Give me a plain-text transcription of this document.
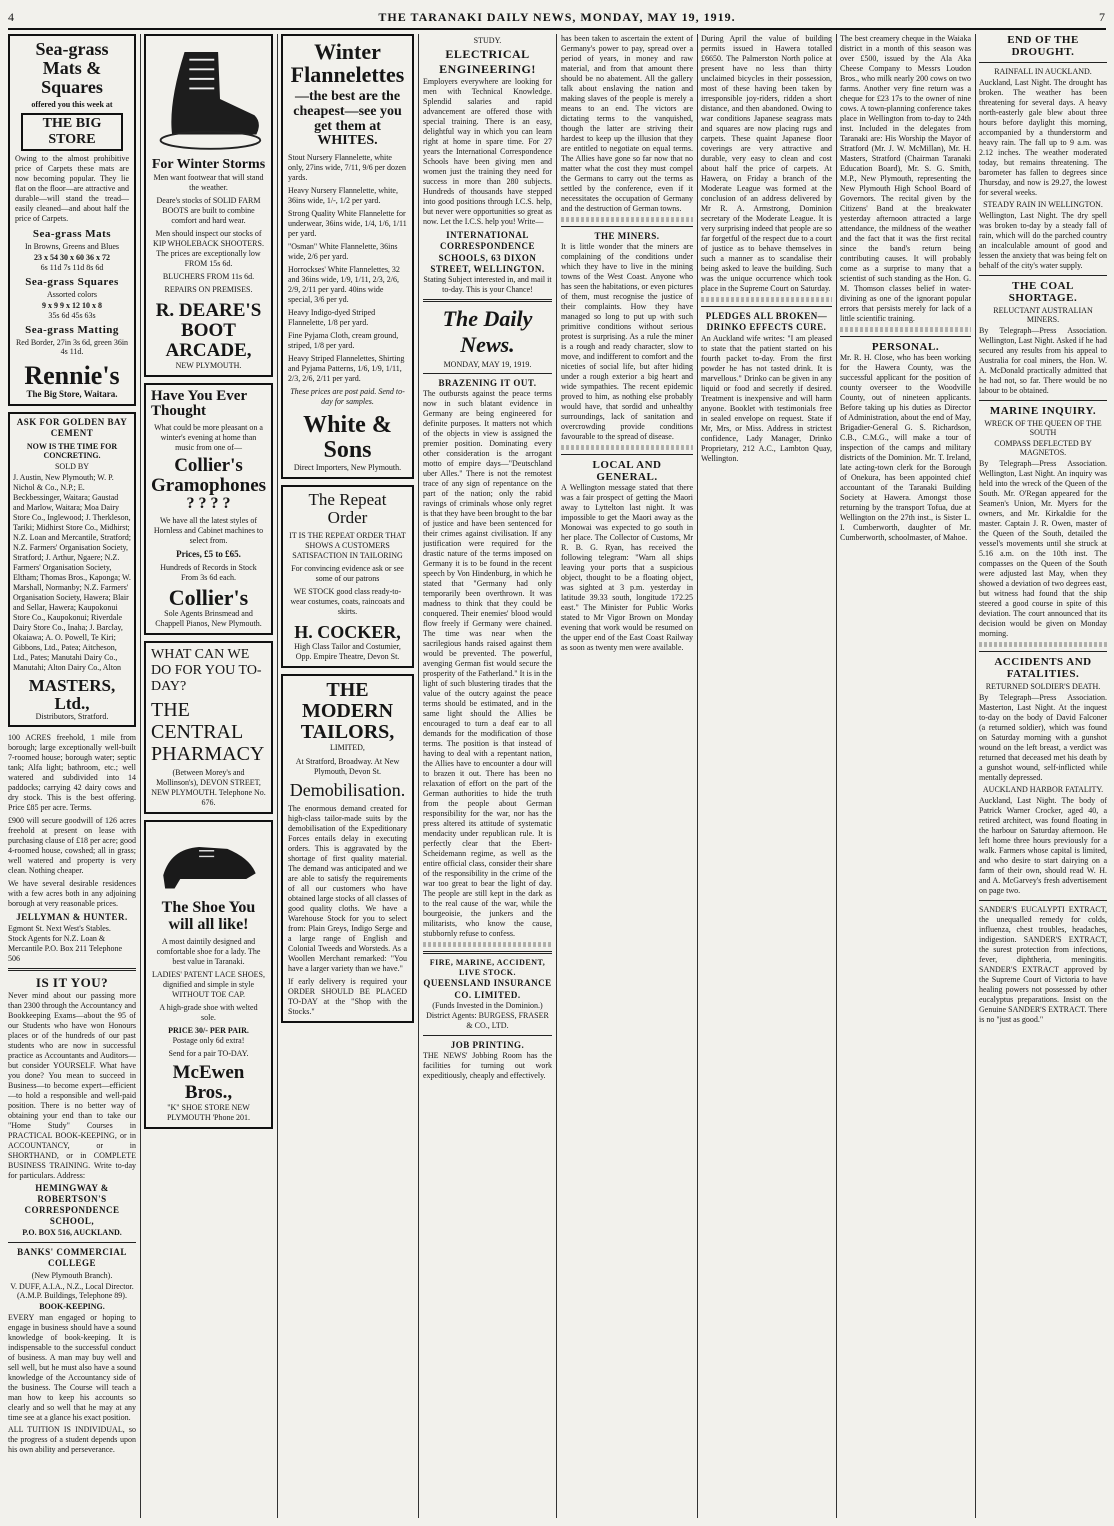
4	THE TARANAKI DAILY NEWS, MONDAY, MAY 19, 1919.	7
Sea-grass Mats & Squares
offered you this week at
THE BIG STORE
Owing to the almost prohibitive price of Carpets these mats are now becoming popular. They lie flat on the floor—are attractive and durable—will stand the tread—easily cleaned—and about half the price of Carpets.
Sea-grass Mats
In Browns, Greens and Blues
23 x 54 30 x 60 36 x 72
6s 11d 7s 11d 8s 6d
Sea-grass Squares
Assorted colors
9 x 9 9 x 12 10 x 8
35s 6d 45s 63s
Sea-grass Matting
Red Border, 27in 3s 6d, green 36in 4s 11d.
Rennie's
The Big Store, Waitara.
ASK FOR GOLDEN BAY CEMENT
NOW IS THE TIME FOR CONCRETING.
SOLD BY
J. Austin, New Plymouth; W. P. Nichol & Co., N.P.; E. Beckbessinger, Waitara; Gaustad and Marlow, Waitara; Moa Dairy Store Co., Inglewood; J. Therkleson, Tariki; Midhirst Store Co., Midhirst; N.Z. Loan and Mercantile, Stratford; N.Z. Farmers' Organisation Society, Stratford; J. Arthur, Ngaere; N.Z. Farmers' Organisation Society, Eltham; Thomas Bros., Kaponga; W. Marshall, Normanby; N.Z. Farmers' Organisation Society, Hawera; Blair and Sellar, Hawera; Kaupokonui Store Co., Kaupokonui; Riverdale Dairy Store Co., Inaha; J. Barclay, Okaiawa; A. O. Powell, Te Kiri; Gibbons, Ltd., Patea; Aitcheson, Ltd., Pates; Manutahi Dairy Co., Manutahi; Alton Dairy Co., Alton
MASTERS, Ltd.,
Distributors, Stratford.
100 ACRES freehold, 1 mile from borough; large exceptionally well-built 7-roomed house; borough water; septic tank; Alfa light; bathroom, etc.; well watered and subdivided into 14 paddocks; carrying 42 dairy cows and dry stock. This is the best offering. Price £85 per acre. Terms.
£900 will secure goodwill of 126 acres freehold at present on lease with purchasing clause of £18 per acre; good 4-roomed house, cowshed; all in grass; well watered and property is very clean. Nothing cheaper.
We have several desirable residences with a few acres both in any adjoining borough at very reasonable prices.
JELLYMAN & HUNTER.
Egmont St. Next West's Stables.
Stock Agents for N.Z. Loan & Mercantile P.O. Box 211 Telephone 506
IS IT YOU?
Never mind about our passing more than 2300 through the Accountancy and Bookkeeping Exams—about the 95 of our Students who have won Honours places or of the hundreds of our past students who are now in successful practice as Accountants and Auditors—but consider YOURSELF. What have you done? You mean to succeed in Business—to become expert—efficient—to hold a responsible and well-paid position. There is no better way of obtaining your end than to take our "Home Study" Courses in PRACTICAL BOOK-KEEPING, or in ACCOUNTANCY, or in SHORTHAND, or in COMPLETE BUSINESS TRAINING. Write to-day for particulars. Address:
HEMINGWAY & ROBERTSON'S CORRESPONDENCE SCHOOL,
P.O. BOX 516, AUCKLAND.
BANKS' COMMERCIAL COLLEGE
(New Plymouth Branch).
V. DUFF, A.I.A., N.Z., Local Director. (A.M.P. Buildings, Telephone 89).
BOOK-KEEPING.
EVERY man engaged or hoping to engage in business should have a sound knowledge of book-keeping. It is indispensable to the successful conduct of business. A man may buy well and sell well, but he must also have a sound knowledge of the Accountancy side of the business. The Course will teach a man how to keep his accounts so clearly and so well that he may at any time see at a glance his exact position.
ALL TUITION IS INDIVIDUAL, so the progress of a student depends upon his own ability and perseverance.
For Winter Storms
Men want footwear that will stand the weather.
Deare's stocks of SOLID FARM BOOTS are built to combine comfort and hard wear.
Men should inspect our stocks of KIP WHOLEBACK SHOOTERS. The prices are exceptionally low FROM 15s 6d.
BLUCHERS FROM 11s 6d.
REPAIRS ON PREMISES.
R. DEARE'S BOOT ARCADE,
NEW PLYMOUTH.
Have You Ever Thought
What could be more pleasant on a winter's evening at home than music from one of—
Collier's Gramophones
? ? ? ?
We have all the latest styles of Hornless and Cabinet machines to select from.
Prices, £5 to £65.
Hundreds of Records in Stock From 3s 6d each.
Collier's
Sole Agents Brinsmead and Chappell Pianos, New Plymouth.
WHAT CAN WE DO FOR YOU TO-DAY?
THE CENTRAL PHARMACY
(Between Morey's and Mollinson's), DEVON STREET, NEW PLYMOUTH. Telephone No. 676.
The Shoe You will all like!
A most daintily designed and comfortable shoe for a lady. The best value in Taranaki.
LADIES' PATENT LACE SHOES, dignified and simple in style WITHOUT TOE CAP.
A high-grade shoe with welted sole.
PRICE 30/- PER PAIR.
Postage only 6d extra!
Send for a pair TO-DAY.
McEwen Bros.,
"K" SHOE STORE NEW PLYMOUTH 'Phone 201.
Winter Flannelettes
—the best are the cheapest—see you get them at WHITES.
Stout Nursery Flannelette, white only, 27ins wide, 7/11, 9/6 per dozen yards.
Heavy Nursery Flannelette, white, 36ins wide, 1/-, 1/2 per yard.
Strong Quality White Flannelette for underwear, 36ins wide, 1/4, 1/6, 1/11 per yard.
"Osman" White Flannelette, 36ins wide, 2/6 per yard.
Horrockses' White Flannelettes, 32 and 36ins wide, 1/9, 1/11, 2/3, 2/6, 2/9, 2/11 per yard. 40ins wide special, 3/6 per yd.
Heavy Indigo-dyed Striped Flannelette, 1/8 per yard.
Fine Pyjama Cloth, cream ground, striped, 1/8 per yard.
Heavy Striped Flannelettes, Shirting and Pyjama Patterns, 1/6, 1/9, 1/11, 2/3, 2/6, 2/11 per yard.
These prices are post paid. Send to-day for samples.
White & Sons
Direct Importers, New Plymouth.
The Repeat Order
IT IS THE REPEAT ORDER THAT SHOWS A CUSTOMERS SATISFACTION IN TAILORING
For convincing evidence ask or see some of our patrons
WE STOCK good class ready-to-wear costumes, coats, raincoats and skirts.
H. COCKER,
High Class Tailor and Costumier, Opp. Empire Theatre, Devon St.
THE MODERN TAILORS,
LIMITED,
At Stratford, Broadway. At New Plymouth, Devon St.
Demobilisation.
The enormous demand created for high-class tailor-made suits by the demobilisation of the Expeditionary Forces entails delay in executing orders. This is aggravated by the shortage of first quality material. The demand was anticipated and we are able to satisfy the requirements of all our customers who have obtained large stocks of all classes of good quality cloths. We have a Warehouse Stock for you to select from: Plain Greys, Indigo Serge and a large range of English and Colonial Tweeds and Worsteds. As a Woollen Merchant remarked: "You have a larger variety than we have."
If early delivery is required your ORDER SHOULD BE PLACED TO-DAY at the "Shop with the Stocks."
STUDY.
ELECTRICAL ENGINEERING!
Employers everywhere are looking for men with Technical Knowledge. Splendid salaries and rapid advancement are offered those with special training. There is an easy, delightful way in which you can learn right at home in spare time. For 27 years the International Correspondence Schools have been giving men and women just the training they need for success in more than 280 subjects. Hundreds of thousands have stepped into good positions through I.C.S. help, but never were opportunities so great as now. Let the I.C.S. help you! Write—
INTERNATIONAL CORRESPONDENCE SCHOOLS, 63 DIXON STREET, WELLINGTON.
Stating Subject interested in, and mail it to-day. This is your Chance!
The Daily News.
MONDAY, MAY 19, 1919.
BRAZENING IT OUT.
The outbursts against the peace terms now in such blatant evidence in Germany are being engineered for definite purposes. It matters not which of the objects in view is assigned the premier position. Dominating every other consideration is the arrogant motto of empire days—"Deutschland uber Alles." There is not the remotest trace of any sign of repentance on the part of the nation; only the rabid ravings of criminals whose only regret is that they have been brought to the bar of justice and have been sentenced for their crimes against civilisation. If any justification were required for the drastic nature of the terms imposed on Germany it is to be found in the recent speech by Von Hindenburg, in which he stated that "Germany had only temporarily been overthrown. It was madness to think that they could be conquered. Their enemies' blood would flow freely if Germany were chained. The time was near when the sacrilegious hands raised against them would be prevented. The powerful, avenging German fist would secure the prosperity of the Fatherland." It is in the light of such blustering tirades that the value of the outcry against the peace terms should be estimated, and in the same light should the Allies be encouraged to turn a deaf ear to all demands for the modification of those terms. The position is that instead of having to deal with a repentant nation, the Allies have to encounter a dour will to brazen it out. There has been no relaxation of effort on the part of the German authorities to hide the truth from the people about German responsibility for the war, nor has the press altered its attitude of systematic mendacity under republican rule. It is perfectly clear that the Ebert-Scheidemann regime, as well as the entire official class, consider their share of the responsibility in the crime of the war too great to bear the light of day. The people are still kept in the dark as to the real cause of the war, while the bourgeoisie, the junkers and the militarists, who know the cause, stubbornly refuse to confess.
FIRE, MARINE, ACCIDENT, LIVE STOCK.
QUEENSLAND INSURANCE CO. LIMITED.
(Funds Invested in the Dominion.) District Agents: BURGESS, FRASER & CO., LTD.
JOB PRINTING.
THE NEWS' Jobbing Room has the facilities for turning out work expeditiously, cheaply and effectively.
has been taken to ascertain the extent of Germany's power to pay, spread over a period of years, in money and raw material, and from that amount there should be no abatement. All the gallery talk about enslaving the nation and making slaves of the people is merely a means to an end. The victors are dictating terms to the vanquished, though the latter are striving their hardest to keep up the illusion that they are entitled to negotiate on equal terms. The Allies have gone so far now that no matter what the cost they must compel the Germans to carry out the terms as settled by the conference, even if it necessitates the occupation of Germany and the destruction of German towns.
THE MINERS.
It is little wonder that the miners are complaining of the conditions under which they have to live in the mining towns of the West Coast. Anyone who has seen the habitations, or even pictures of them, must recognise the justice of their complaints. How they have managed so long to put up with such primitive conditions without serious protest is surprising. As a rule the miner is a rough and ready character, slow to move, and indifferent to comfort and the niceties of social life, but after hiding under a rough exterior a big heart and wide sympathies. The recent epidemic proved to him, as nothing else probably would have, that sordid and unhealthy surroundings, lack of sanitation and overcrowding provide conditions favourable to the spread of disease.
LOCAL AND GENERAL.
A Wellington message stated that there was a fair prospect of getting the Maori away to Lyttelton last night. It was impossible to get the Maori away as the Monowai was expected to go south in her place. The Collector of Customs, Mr R. B. G. Ryan, has received the following telegram: "Warn all ships leaving your ports that a suspicious object, thought to be a floating object, was sighted at 3 p.m. yesterday in latitude 39.33 south, longitude 172.25 east." The Minister for Public Works stated to Mr Vigor Brown on Monday evening that work would be resumed on the upper end of the East Coast Railway as soon as twenty men were available.
During April the value of building permits issued in Hawera totalled £6650. The Palmerston North police at present have no less than thirty unclaimed bicycles in their possession, most of these having been taken by irresponsible joy-riders, ridden a short distance, and then abandoned. Owing to war conditions Japanese seagrass mats and squares are now placing rugs and carpets. These quaint Japanese floor coverings are very attractive and durable, very easy to clean and cost about half the price of carpets. At Hawera, on Friday a branch of the Moderate League was formed at the conclusion of an address delivered by Mr R. A. Armstrong, Dominion secretary of the Moderate League. It is very surprising indeed that people are so far forgetful of the respect due to a court of justice as to behave themselves in such a manner as to scandalise their being asked to leave the building. Such was the unique occurrence which took place in the Supreme Court on Saturday.
PLEDGES ALL BROKEN—DRINKO EFFECTS CURE.
An Auckland wife writes: "I am pleased to state that the patient started on his fourth packet to-day. From the first powder he has not tasted drink. It is marvellous." Drinko can be given in any liquid or food and secretly if desired. Treatment is inexpensive and will harm anyone. Booklet with testimonials free in sealed envelope on request. State if Mr, Mrs, or Miss. Address in strictest confidence, Lady Manager, Drinko Proprietary, 212 A.C., Lambton Quay, Wellington.
The best creamery cheque in the Waiaka district in a month of this season was over £500, issued by the Ala Aka Cheese Company to Messrs Loudon Bros., who milk nearly 200 cows on two farms. Another very fine return was a cheque for £23 17s to the owner of nine cows. A town-planning conference takes place in Wellington from to-day to 24th inst. Included in the delegates from Taranaki are: His Worship the Mayor of Stratford (Mr. J. W. McMillan), Mr. H. Masters, Stratford (Chairman Taranaki Education Board), Mr. S. G. Smith, M.P., New Plymouth, representing the New Plymouth High School Board of Governors. The recital given by the Citizens' Band at the breakwater yesterday afternoon attracted a large attendance, the mildness of the weather and the fact that it was the first recital since the band's return being contributing causes. It will probably come as a surprise to many that a scientist of such standing as the Hon. G. M. Thomson classes belief in water-divining as one of the ignorant popular errors that persists merely for lack of a little scientific training.
PERSONAL.
Mr. R. H. Close, who has been working for the Hawera County, was the successful applicant for the position of county overseer to the Woodville County, out of nineteen applicants. Before taking up his duties as Director of Administration, about the end of May, Brigadier-General G. S. Richardson, C.B., C.M.G., will make a tour of inspection of the camps and military districts of the Dominion. Mr. T. Ireland, late acting-town clerk for the Borough of Onekura, has been appointed chief accountant of the Taranaki Building Society at Hawera. Amongst those returning by the transport Tofua, due at Wellington on the 27th inst., is Sister L. I. Cumberworth, daughter of Mr. Cumberworth, schoolmaster, of Mahoe.
END OF THE DROUGHT.
RAINFALL IN AUCKLAND.
Auckland, Last Night. The drought has broken. The weather has been threatening for several days. A heavy north-easterly gale blew about three hours before daylight this morning, accompanied by a thunderstorm and heavy rain. The fall up to 9 a.m. was 2.12 inches. The weather moderated today, but remains threatening. The barometer has fallen to degrees since Thursday, and now is 29.27, the lowest for several weeks.
STEADY RAIN IN WELLINGTON.
Wellington, Last Night. The dry spell was broken to-day by a steady fall of rain, which will do the parched country an incalculable amount of good and lessen the anxiety that was being felt on behalf of the city's water supply.
THE COAL SHORTAGE.
RELUCTANT AUSTRALIAN MINERS.
By Telegraph—Press Association. Wellington, Last Night. Asked if he had secured any results from his appeal to Australia for coal miners, the Hon. W. A. McDonald practically admitted that he had not, so far. There would be no labour to be obtained.
MARINE INQUIRY.
WRECK OF THE QUEEN OF THE SOUTH
COMPASS DEFLECTED BY MAGNETOS.
By Telegraph—Press Association. Wellington, Last Night. An inquiry was held into the wreck of the Queen of the South. Mr. O'Regan appeared for the Seamen's Union, Mr. Myers for the owners, and Mr. Kirkaldie for the master. Captain J. R. Owen, master of the Queen of the South, detailed the vessel's movements until she struck at 5.16 a.m. on the 10th inst. The compasses on the Queen of the South were adjusted last May, when they showed a deviation of two degrees east, but witness had found that the ship steered a good course in spite of this deviation. The court announced that its decision would be given on Monday morning.
ACCIDENTS AND FATALITIES.
RETURNED SOLDIER'S DEATH.
By Telegraph—Press Association. Masterton, Last Night. At the inquest to-day on the body of David Falconer (a returned soldier), which was found on Saturday morning with a gunshot wound on the left breast, a verdict was returned that deceased met his death by a gunshot wound, self-inflicted while mentally depressed.
AUCKLAND HARBOR FATALITY.
Auckland, Last Night. The body of Patrick Warner Crocker, aged 40, a retired architect, was found floating in the harbour on Saturday afternoon. He left home three hours previously for a walk. Farmers whose capital is limited, and who desire to start dairying on a farm of their own, should read W. H. and A. McGarvey's fresh advertisement on page two.
SANDER'S EUCALYPTI EXTRACT, the unequalled remedy for colds, influenza, chest troubles, headaches, indigestion. SANDER'S EXTRACT, the surest protection from infections, fever, diphtheria, meningitis. SANDER'S EXTRACT approved by the Supreme Court of Victoria to have healing powers not possessed by other eucalyptus preparations. Insist on the Genuine SANDER'S EXTRACT. There is no "just as good."
